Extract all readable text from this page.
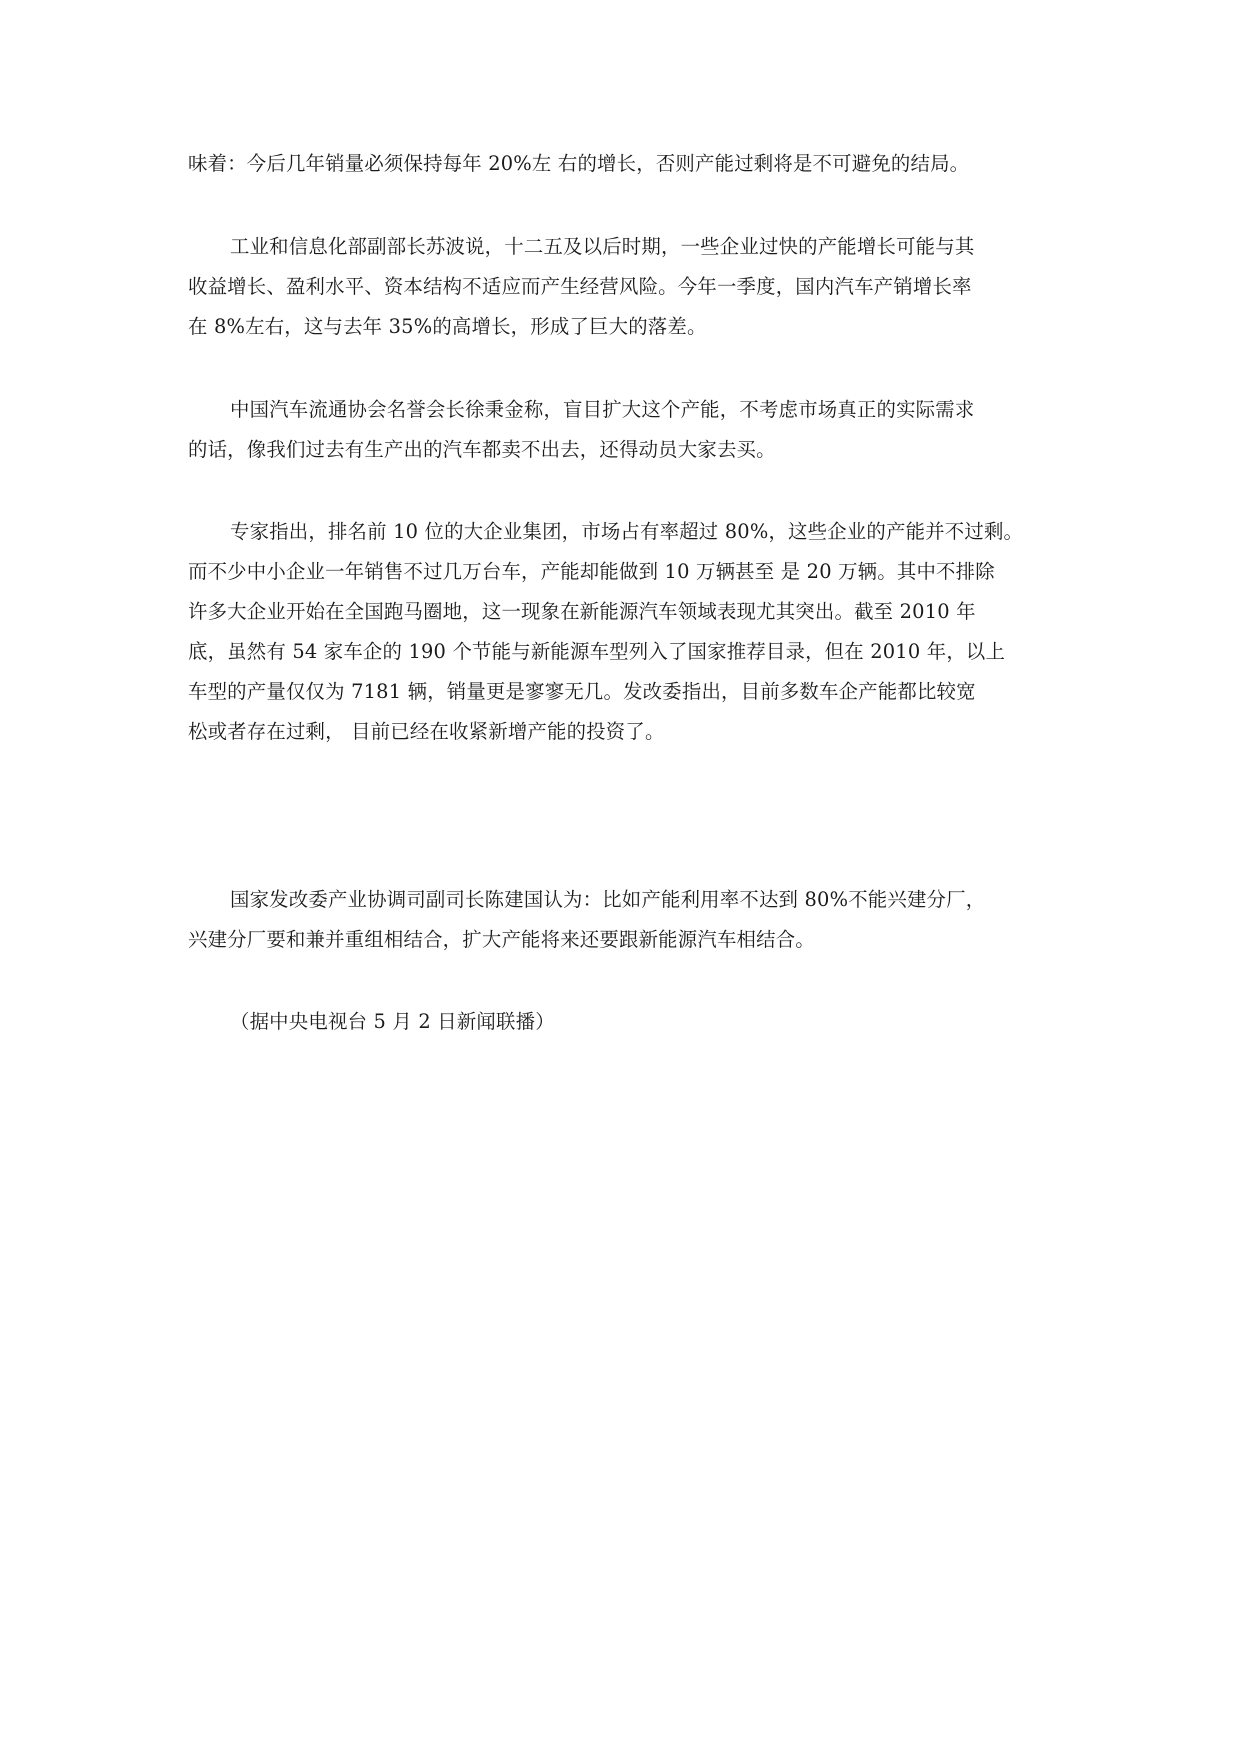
味着：今后几年销量必须保持每年 20%左 右的增长，否则产能过剩将是不可避免的结局。

工业和信息化部副部长苏波说，十二五及以后时期，一些企业过快的产能增长可能与其
收益增长、盈利水平、资本结构不适应而产生经营风险。今年一季度，国内汽车产销增长率
在 8%左右，这与去年 35%的高增长，形成了巨大的落差。

中国汽车流通协会名誉会长徐秉金称，盲目扩大这个产能，不考虑市场真正的实际需求
的话，像我们过去有生产出的汽车都卖不出去，还得动员大家去买。

专家指出，排名前 10 位的大企业集团，市场占有率超过 80%，这些企业的产能并不过剩。
而不少中小企业一年销售不过几万台车，产能却能做到 10 万辆甚至 是 20 万辆。其中不排除
许多大企业开始在全国跑马圈地，这一现象在新能源汽车领域表现尤其突出。截至 2010 年
底，虽然有 54 家车企的 190 个节能与新能源车型列入了国家推荐目录，但在 2010 年，以上
车型的产量仅仅为 7181 辆，销量更是寥寥无几。发改委指出，目前多数车企产能都比较宽
松或者存在过剩， 目前已经在收紧新增产能的投资了。

国家发改委产业协调司副司长陈建国认为：比如产能利用率不达到 80%不能兴建分厂，
兴建分厂要和兼并重组相结合，扩大产能将来还要跟新能源汽车相结合。

（据中央电视台 5 月 2 日新闻联播）
